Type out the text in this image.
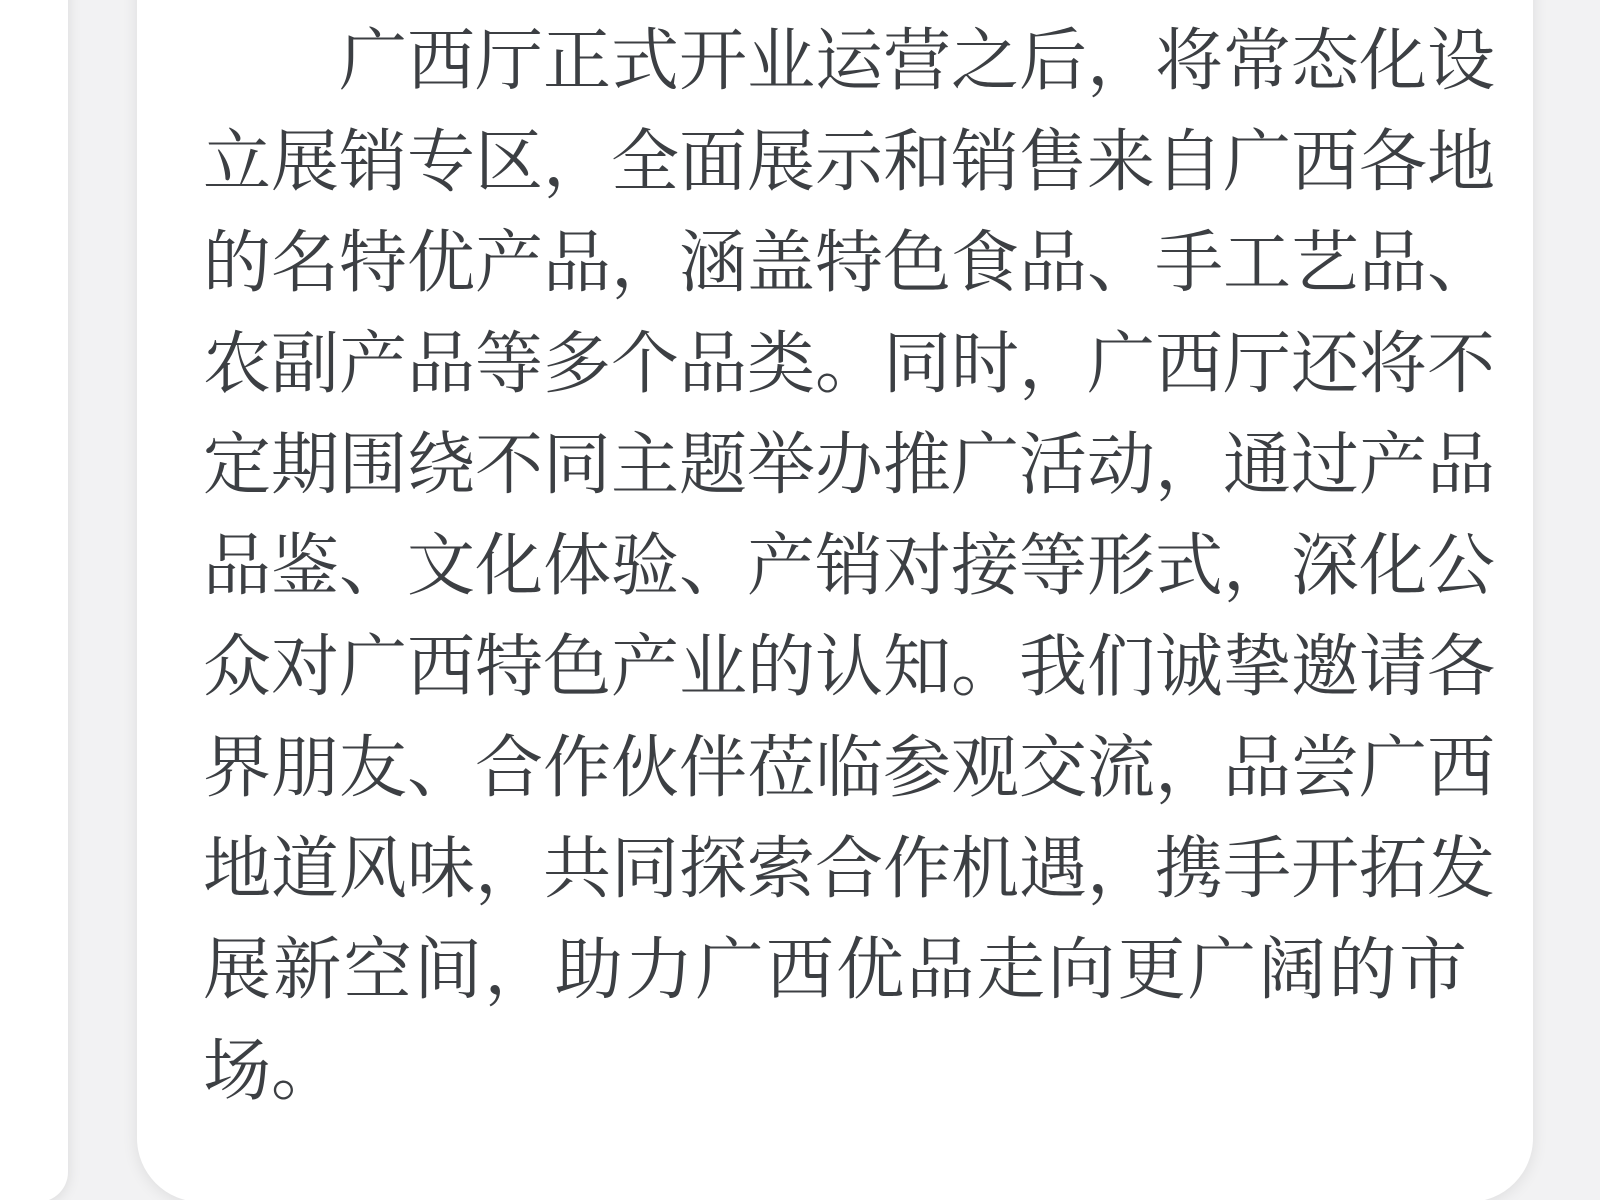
广西厅正式开业运营之后，将常态化设
立展销专区，全面展示和销售来自广西各地
的名特优产品，涵盖特色食品、手工艺品、
农副产品等多个品类。同时，广西厅还将不
定期围绕不同主题举办推广活动，通过产品
品鉴、文化体验、产销对接等形式，深化公
众对广西特色产业的认知。我们诚挚邀请各
界朋友、合作伙伴莅临参观交流，品尝广西
地道风味，共同探索合作机遇，携手开拓发
展新空间，助力广西优品走向更广阔的市
场。
